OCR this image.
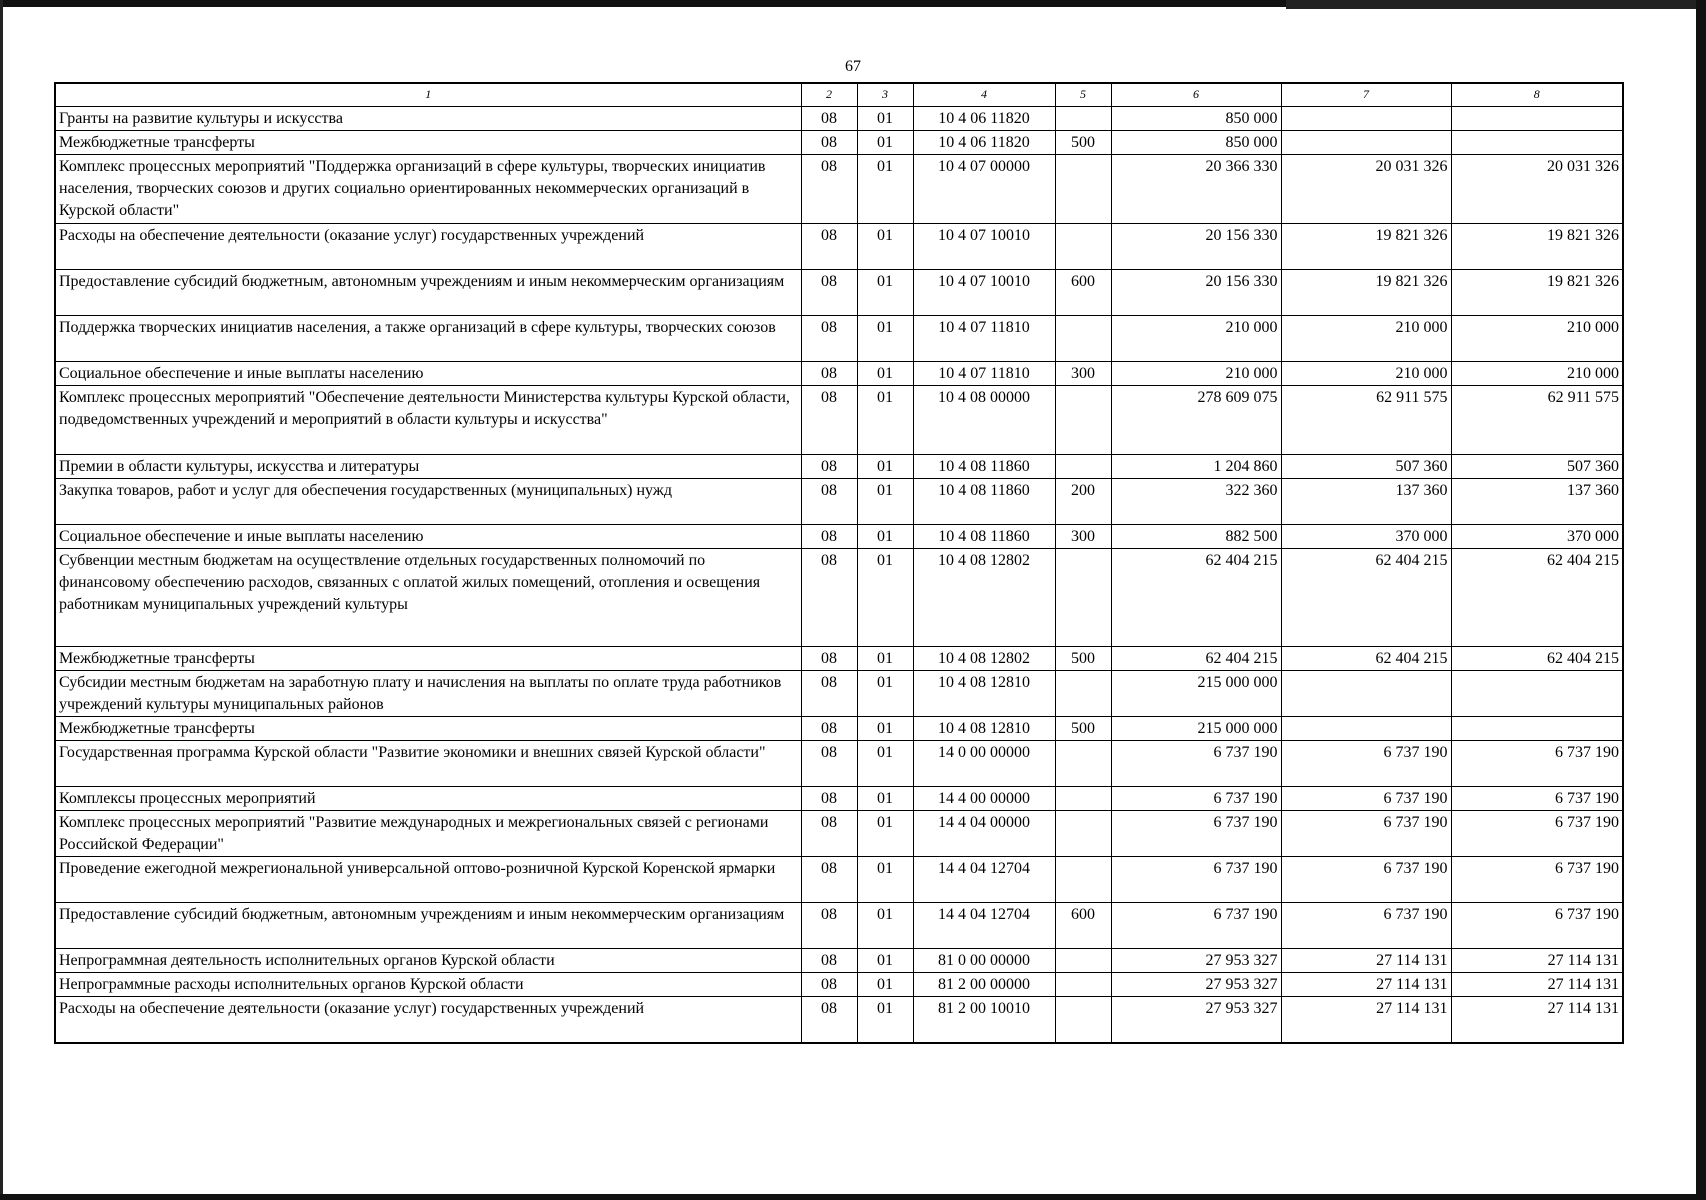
67
1	2	3	4	5	6	7	8
Гранты на развитие культуры и искусства	08	01	10 4 06 11820		850 000		
Межбюджетные трансферты	08	01	10 4 06 11820	500	850 000		
Комплекс процессных мероприятий "Поддержка организаций в сфере культуры, творческих инициатив населения, творческих союзов и других социально ориентированных некоммерческих организаций в Курской области"	08	01	10 4 07 00000		20 366 330	20 031 326	20 031 326
Расходы на обеспечение деятельности (оказание услуг) государственных учреждений	08	01	10 4 07 10010		20 156 330	19 821 326	19 821 326
Предоставление субсидий бюджетным, автономным учреждениям и иным некоммерческим организациям	08	01	10 4 07 10010	600	20 156 330	19 821 326	19 821 326
Поддержка творческих инициатив населения, а также организаций в сфере культуры, творческих союзов	08	01	10 4 07 11810		210 000	210 000	210 000
Социальное обеспечение и иные выплаты населению	08	01	10 4 07 11810	300	210 000	210 000	210 000
Комплекс процессных мероприятий "Обеспечение деятельности Министерства культуры Курской области, подведомственных учреждений и мероприятий в области культуры и искусства"	08	01	10 4 08 00000		278 609 075	62 911 575	62 911 575
Премии в области культуры, искусства и литературы	08	01	10 4 08 11860		1 204 860	507 360	507 360
Закупка товаров, работ и услуг для обеспечения государственных (муниципальных) нужд	08	01	10 4 08 11860	200	322 360	137 360	137 360
Социальное обеспечение и иные выплаты населению	08	01	10 4 08 11860	300	882 500	370 000	370 000
Субвенции местным бюджетам на осуществление отдельных государственных полномочий по финансовому обеспечению расходов, связанных с оплатой жилых помещений, отопления и освещения работникам муниципальных учреждений культуры	08	01	10 4 08 12802		62 404 215	62 404 215	62 404 215
Межбюджетные трансферты	08	01	10 4 08 12802	500	62 404 215	62 404 215	62 404 215
Субсидии местным бюджетам на заработную плату и начисления на выплаты по оплате труда работников учреждений культуры муниципальных районов	08	01	10 4 08 12810		215 000 000		
Межбюджетные трансферты	08	01	10 4 08 12810	500	215 000 000		
Государственная программа Курской области "Развитие экономики и внешних связей Курской области"	08	01	14 0 00 00000		6 737 190	6 737 190	6 737 190
Комплексы процессных мероприятий	08	01	14 4 00 00000		6 737 190	6 737 190	6 737 190
Комплекс процессных мероприятий "Развитие международных и межрегиональных связей с регионами Российской Федерации"	08	01	14 4 04 00000		6 737 190	6 737 190	6 737 190
Проведение ежегодной межрегиональной универсальной оптово-розничной Курской Коренской ярмарки	08	01	14 4 04 12704		6 737 190	6 737 190	6 737 190
Предоставление субсидий бюджетным, автономным учреждениям и иным некоммерческим организациям	08	01	14 4 04 12704	600	6 737 190	6 737 190	6 737 190
Непрограммная деятельность исполнительных органов Курской области	08	01	81 0 00 00000		27 953 327	27 114 131	27 114 131
Непрограммные расходы исполнительных органов Курской области	08	01	81 2 00 00000		27 953 327	27 114 131	27 114 131
Расходы на обеспечение деятельности (оказание услуг) государственных учреждений	08	01	81 2 00 10010		27 953 327	27 114 131	27 114 131
